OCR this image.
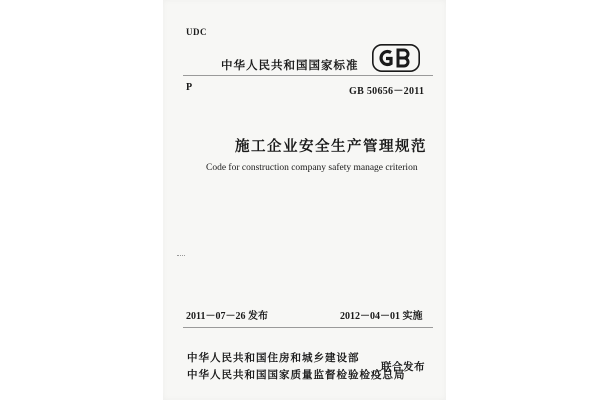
UDC
中华人民共和国国家标准
P	GB 50656－2011
施工企业安全生产管理规范
Code for construction company safety manage criterion
2011－07－26 发布	2012－04－01 实施
中华人民共和国住房和城乡建设部
中华人民共和国国家质量监督检验检疫总局
联合发布
